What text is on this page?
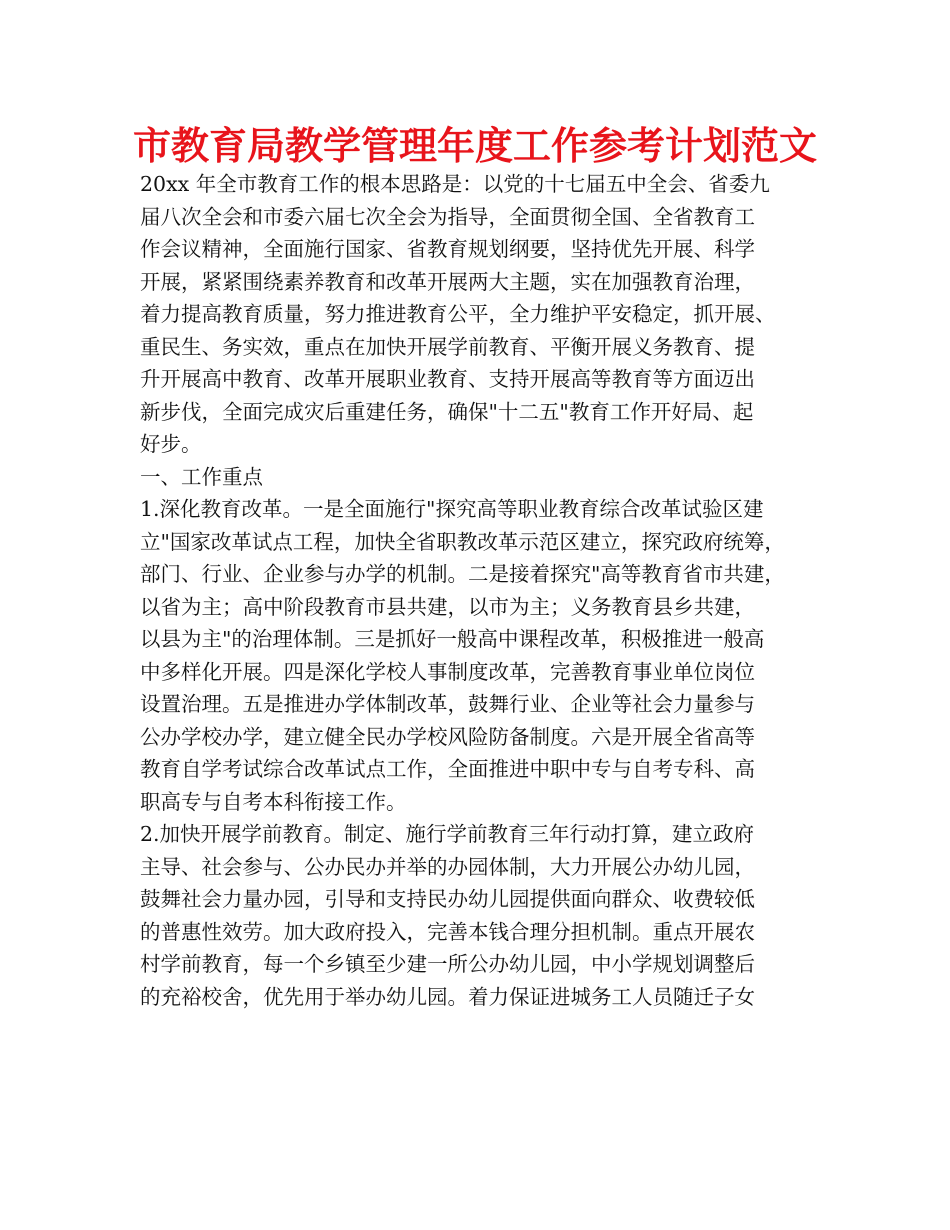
市教育局教学管理年度工作参考计划范文
20xx 年全市教育工作的根本思路是：以党的十七届五中全会、省委九
届八次全会和市委六届七次全会为指导，全面贯彻全国、全省教育工
作会议精神，全面施行国家、省教育规划纲要，坚持优先开展、科学
开展，紧紧围绕素养教育和改革开展两大主题，实在加强教育治理，
着力提高教育质量，努力推进教育公平，全力维护平安稳定，抓开展、
重民生、务实效，重点在加快开展学前教育、平衡开展义务教育、提
升开展高中教育、改革开展职业教育、支持开展高等教育等方面迈出
新步伐，全面完成灾后重建任务，确保"十二五"教育工作开好局、起
好步。
一、工作重点
1.深化教育改革。一是全面施行"探究高等职业教育综合改革试验区建
立"国家改革试点工程，加快全省职教改革示范区建立，探究政府统筹，
部门、行业、企业参与办学的机制。二是接着探究"高等教育省市共建，
以省为主；高中阶段教育市县共建，以市为主；义务教育县乡共建，
以县为主"的治理体制。三是抓好一般高中课程改革，积极推进一般高
中多样化开展。四是深化学校人事制度改革，完善教育事业单位岗位
设置治理。五是推进办学体制改革，鼓舞行业、企业等社会力量参与
公办学校办学，建立健全民办学校风险防备制度。六是开展全省高等
教育自学考试综合改革试点工作，全面推进中职中专与自考专科、高
职高专与自考本科衔接工作。
2.加快开展学前教育。制定、施行学前教育三年行动打算，建立政府
主导、社会参与、公办民办并举的办园体制，大力开展公办幼儿园，
鼓舞社会力量办园，引导和支持民办幼儿园提供面向群众、收费较低
的普惠性效劳。加大政府投入，完善本钱合理分担机制。重点开展农
村学前教育，每一个乡镇至少建一所公办幼儿园，中小学规划调整后
的充裕校舍，优先用于举办幼儿园。着力保证进城务工人员随迁子女
